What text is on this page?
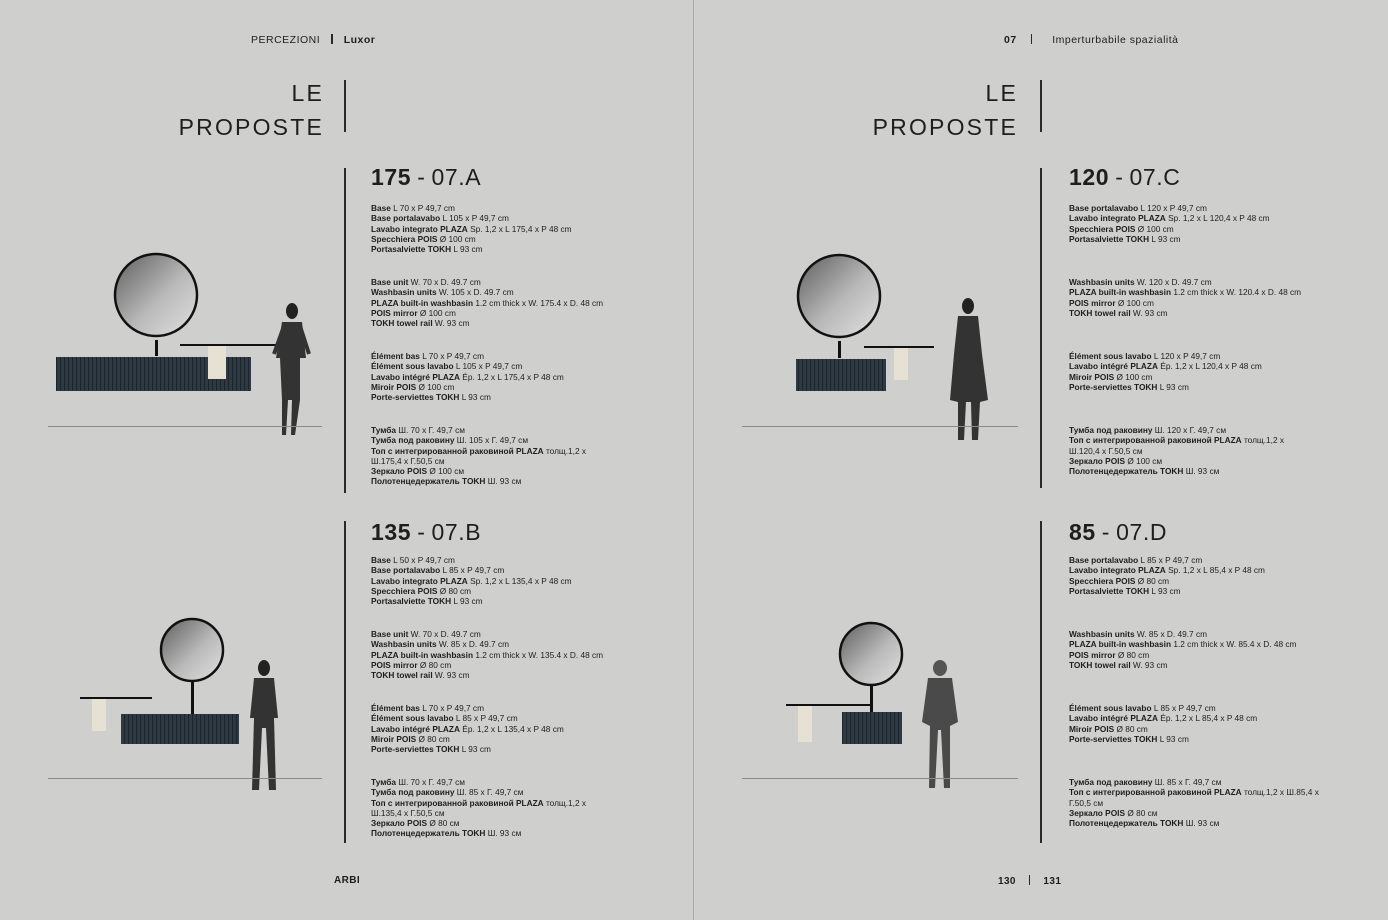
PERCEZIONI Luxor
LE
PROPOSTE
175 - 07.A
Base L 70 x P 49,7 cm
Base portalavabo L 105 x P 49,7 cm
Lavabo integrato PLAZA Sp. 1,2 x L 175,4 x P 48 cm
Specchiera POIS Ø 100 cm
Portasalviette TOKH L 93 cm
Base unit W. 70 x D. 49.7 cm
Washbasin units W. 105 x D. 49.7 cm
PLAZA built-in washbasin 1.2 cm thick x W. 175.4 x D. 48 cm
POIS mirror Ø 100 cm
TOKH towel rail W. 93 cm
Élément bas L 70 x P 49,7 cm
Élément sous lavabo L 105 x P 49,7 cm
Lavabo intégré PLAZA Ép. 1,2 x L 175,4 x P 48 cm
Miroir POIS Ø 100 cm
Porte-serviettes TOKH L 93 cm
Тумба Ш. 70 x Г. 49,7 см
Тумба под раковину Ш. 105 x Г. 49,7 см
Топ с интегрированной раковиной PLAZA толщ.1,2 x
Ш.175,4 x Г.50,5 см
Зеркало POIS Ø 100 см
Полотенцедержатель TOKH Ш. 93 см
135 - 07.B
Base L 50 x P 49,7 cm
Base portalavabo L 85 x P 49,7 cm
Lavabo integrato PLAZA Sp. 1,2 x L 135,4 x P 48 cm
Specchiera POIS Ø 80 cm
Portasalviette TOKH L 93 cm
Base unit W. 70 x D. 49.7 cm
Washbasin units W. 85 x D. 49.7 cm
PLAZA built-in washbasin 1.2 cm thick x W. 135.4 x D. 48 cm
POIS mirror Ø 80 cm
TOKH towel rail W. 93 cm
Élément bas L 70 x P 49,7 cm
Élément sous lavabo L 85 x P 49,7 cm
Lavabo intégré PLAZA Ép. 1,2 x L 135,4 x P 48 cm
Miroir POIS Ø 80 cm
Porte-serviettes TOKH L 93 cm
Тумба Ш. 70 x Г. 49,7 см
Тумба под раковину Ш. 85 x Г. 49,7 см
Топ с интегрированной раковиной PLAZA толщ.1,2 x
Ш.135,4 x Г.50,5 см
Зеркало POIS Ø 80 см
Полотенцедержатель TOKH Ш. 93 см
ARBI
07	Imperturbabile spazialità
LE
PROPOSTE
120 - 07.C
Base portalavabo L 120 x P 49,7 cm
Lavabo integrato PLAZA Sp. 1,2 x L 120,4 x P 48 cm
Specchiera POIS Ø 100 cm
Portasalviette TOKH L 93 cm
Washbasin units W. 120 x D. 49.7 cm
PLAZA built-in washbasin 1.2 cm thick x W. 120.4 x D. 48 cm
POIS mirror Ø 100 cm
TOKH towel rail W. 93 cm
Élément sous lavabo L 120 x P 49,7 cm
Lavabo intégré PLAZA Ép. 1,2 x L 120,4 x P 48 cm
Miroir POIS Ø 100 cm
Porte-serviettes TOKH L 93 cm
Тумба под раковину Ш. 120 x Г. 49,7 см
Топ с интегрированной раковиной PLAZA толщ.1,2 x
Ш.120,4 x Г.50,5 см
Зеркало POIS Ø 100 см
Полотенцедержатель TOKH Ш. 93 см
85 - 07.D
Base portalavabo L 85 x P 49,7 cm
Lavabo integrato PLAZA Sp. 1,2 x L 85,4 x P 48 cm
Specchiera POIS Ø 80 cm
Portasalviette TOKH L 93 cm
Washbasin units W. 85 x D. 49.7 cm
PLAZA built-in washbasin 1.2 cm thick x W. 85.4 x D. 48 cm
POIS mirror Ø 80 cm
TOKH towel rail W. 93 cm
Élément sous lavabo L 85 x P 49,7 cm
Lavabo intégré PLAZA Ép. 1,2 x L 85,4 x P 48 cm
Miroir POIS Ø 80 cm
Porte-serviettes TOKH L 93 cm
Тумба под раковину Ш. 85 x Г. 49,7 см
Топ с интегрированной раковиной PLAZA толщ.1,2 x Ш.85,4 x
Г.50,5 см
Зеркало POIS Ø 80 см
Полотенцедержатель TOKH Ш. 93 см
130	131
